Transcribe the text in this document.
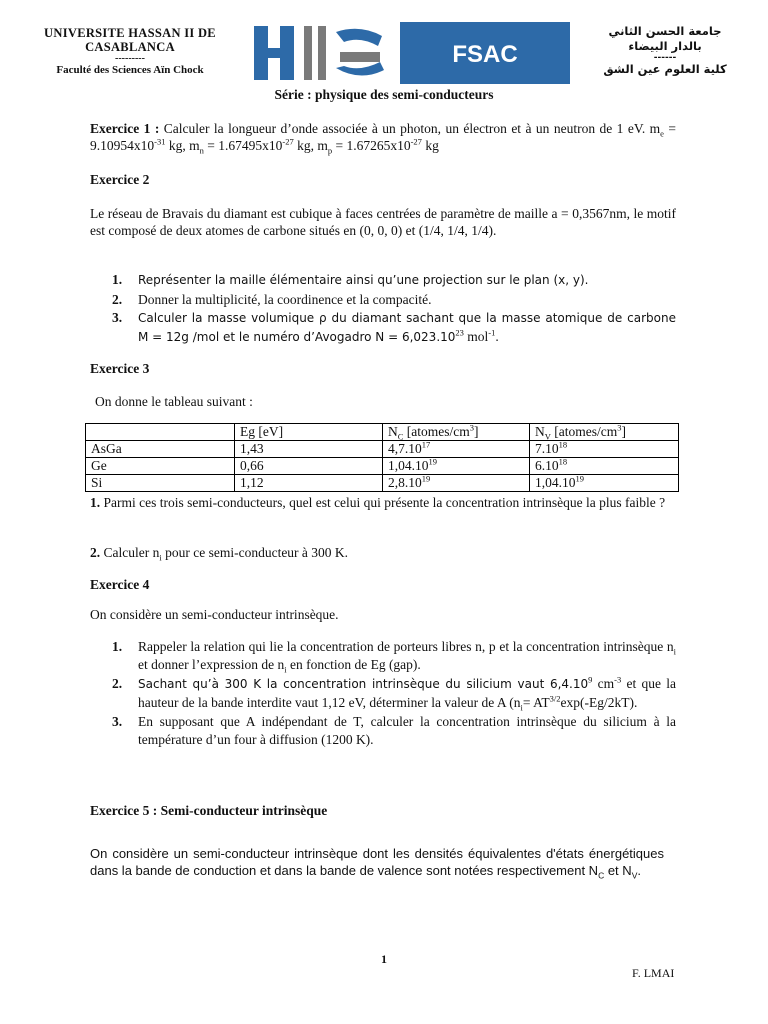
UNIVERSITE HASSAN II DE
CASABLANCA
---------
Faculté des Sciences Aïn Chock
FSAC
جامعة الحسن الثاني
بالدار البيضاء
------
كلية العلوم عين الشق
Série : physique des semi-conducteurs
Exercice 1 : Calculer la longueur d’onde associée à un photon, un électron et à un neutron de 1 eV. $m_e = 9.10954x10^{-31}$ kg, $m_n = 1.67495x10^{-27}$ kg, $m_p = 1.67265x10^{-27}$ kg
Exercice 2
Le réseau de Bravais du diamant est cubique à faces centrées de paramètre de maille a = 0,3567nm, le motif est composé de deux atomes de carbone situés en (0, 0, 0) et (1/4, 1/4, 1/4).
1. Représenter la maille élémentaire ainsi qu’une projection sur le plan (x, y).
2. Donner la multiplicité, la coordinence et la compacité.
3. Calculer la masse volumique ρ du diamant sachant que la masse atomique de carbone M = 12g /mol et le numéro d’Avogadro $N = 6,023.10^{23}$ mol$^{-1}$.
Exercice 3
On donne le tableau suivant :
	Eg [eV]	$N_C$ $[atomes/cm^3]$	$N_V$ $[atomes/cm^3]$
AsGa	1,43	4,7.10$^{17}$	7.10$^{18}$
Ge	0,66	1,04.10$^{19}$	6.10$^{18}$
Si	1,12	2,8.10$^{19}$	1,04.10$^{19}$
1. Parmi ces trois semi-conducteurs, quel est celui qui présente la concentration intrinsèque la plus faible ?
2. Calculer $n_i$ pour ce semi-conducteur à 300 K.
Exercice 4
On considère un semi-conducteur intrinsèque.
1. Rappeler la relation qui lie la concentration de porteurs libres n, p et la concentration intrinsèque $n_i$ et donner l’expression de $n_i$ en fonction de Eg (gap).
2. Sachant qu’à 300 K la concentration intrinsèque du silicium vaut 6,4.10$^9$ $cm^{-3}$ et que la hauteur de la bande interdite vaut 1,12 eV, déterminer la valeur de A ($n_i= AT^{3/2}\exp(-Eg/2kT)$.
3. En supposant que A indépendant de T, calculer la concentration intrinsèque du silicium à la température d’un four à diffusion (1200 K).
Exercice 5 : Semi-conducteur intrinsèque
On considère un semi-conducteur intrinsèque dont les densités équivalentes d'états énergétiques dans la bande de conduction et dans la bande de valence sont notées respectivement $N_C$ et $N_V$.
1
F. LMAI
